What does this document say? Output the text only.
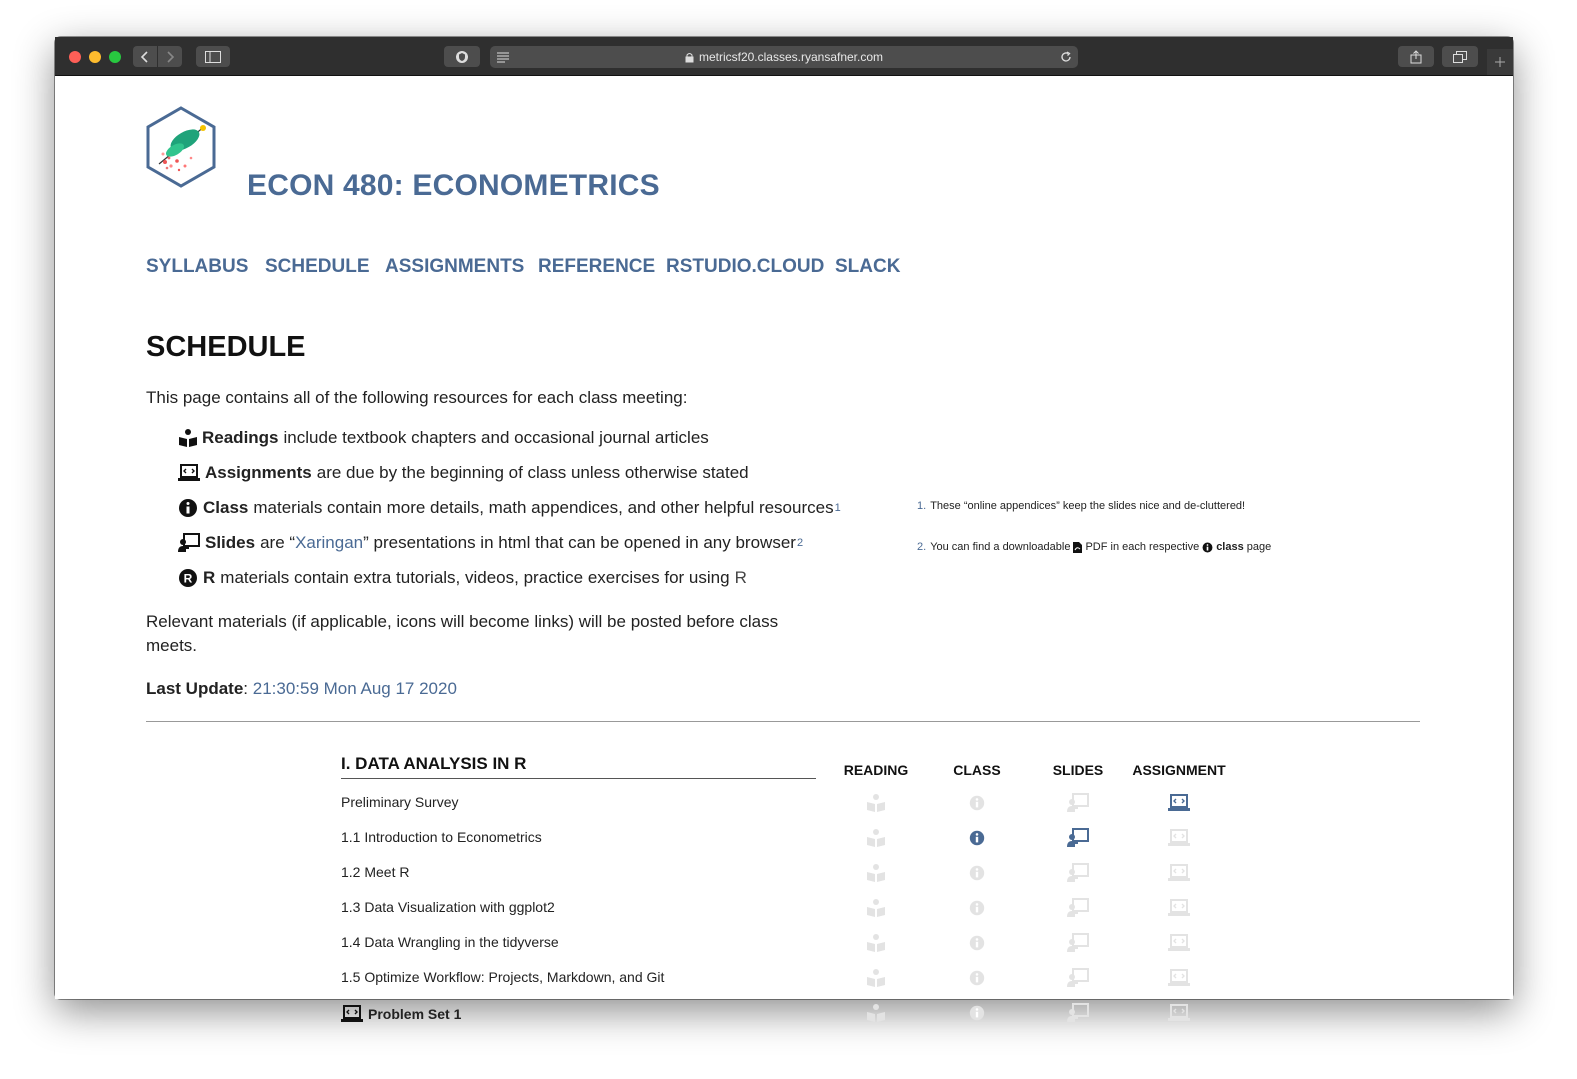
metricsf20.classes.ryansafner.com
ECON 480: ECONOMETRICS
SYLLABUS SCHEDULE ASSIGNMENTS REFERENCE RSTUDIO.CLOUD SLACK
SCHEDULE
This page contains all of the following resources for each class meeting:
Readings include textbook chapters and occasional journal articles
Assignments are due by the beginning of class unless otherwise stated
Class materials contain more details, math appendices, and other helpful resources 1
Slides are “ Xaringan ” presentations in html that can be opened in any browser 2
R R materials contain extra tutorials, videos, practice exercises for using R
Relevant materials (if applicable, icons will become links) will be posted before class meets.
Last Update: 21:30:59 Mon Aug 17 2020
1. These “online appendices” keep the slides nice and de-cluttered!
2. You can find a downloadable PDF in each respective class page
I. DATA ANALYSIS IN R	READING	CLASS	SLIDES	ASSIGNMENT
Preliminary Survey
1.1 Introduction to Econometrics
1.2 Meet R
1.3 Data Visualization with ggplot2
1.4 Data Wrangling in the tidyverse
1.5 Optimize Workflow: Projects, Markdown, and Git
Problem Set 1
